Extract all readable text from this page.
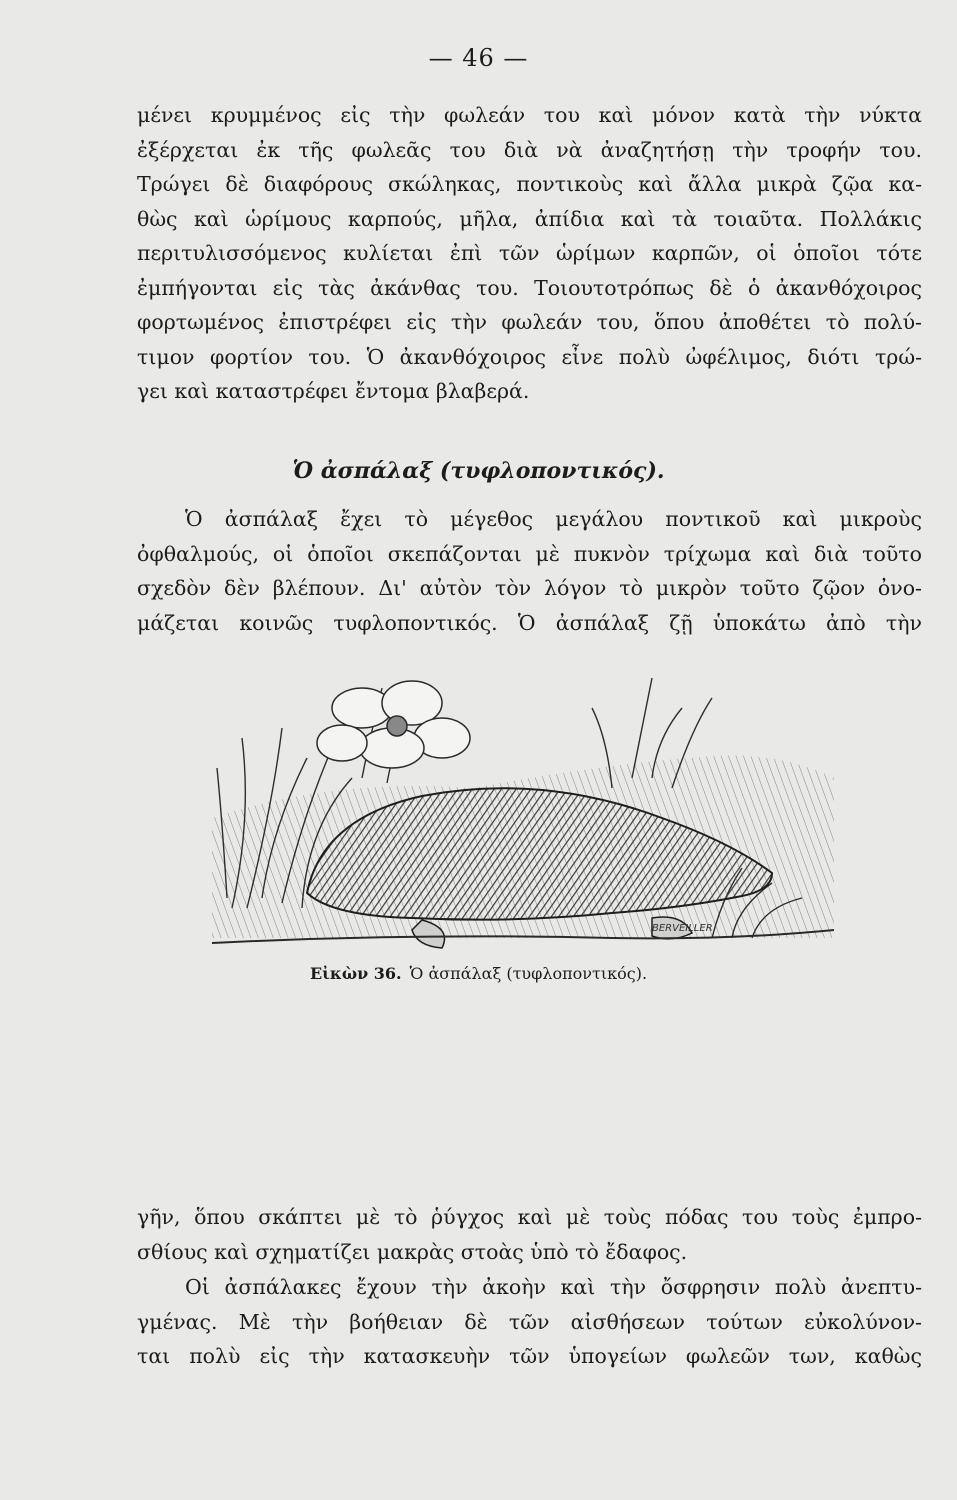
— 46 —
μένει κρυμμένος εἰς τὴν φωλεάν του καὶ μόνον κατὰ τὴν νύκτα
ἐξέρχεται ἐκ τῆς φωλεᾶς του διὰ νὰ ἀναζητήσῃ τὴν τροφήν του.
Τρώγει δὲ διαφόρους σκώληκας, ποντικοὺς καὶ ἄλλα μικρὰ ζῷα κα-
θὼς καὶ ὡρίμους καρπούς, μῆλα, ἀπίδια καὶ τὰ τοιαῦτα. Πολλάκις
περιτυλισσόμενος κυλίεται ἐπὶ τῶν ὡρίμων καρπῶν, οἱ ὁποῖοι τότε
ἐμπήγονται εἰς τὰς ἀκάνθας του. Τοιουτοτρόπως δὲ ὁ ἀκανθόχοιρος
φορτωμένος ἐπιστρέφει εἰς τὴν φωλεάν του, ὅπου ἀποθέτει τὸ πολύ-
τιμον φορτίον του. Ὁ ἀκανθόχοιρος εἶνε πολὺ ὠφέλιμος, διότι τρώ-
γει καὶ καταστρέφει ἔντομα βλαβερά.
Ὁ ἀσπάλαξ (τυφλοποντικός).
Ὁ ἀσπάλαξ ἔχει τὸ μέγεθος μεγάλου ποντικοῦ καὶ μικροὺς
ὀφθαλμούς, οἱ ὁποῖοι σκεπάζονται μὲ πυκνὸν τρίχωμα καὶ διὰ τοῦτο
σχεδὸν δὲν βλέπουν. Δι' αὐτὸν τὸν λόγον τὸ μικρὸν τοῦτο ζῷον ὀνο-
μάζεται κοινῶς τυφλοποντικός. Ὁ ἀσπάλαξ ζῇ ὑποκάτω ἀπὸ τὴν
BERVEILLER
Εἰκὼν 36. Ὁ ἀσπάλαξ (τυφλοποντικός).
γῆν, ὅπου σκάπτει μὲ τὸ ῥύγχος καὶ μὲ τοὺς πόδας του τοὺς ἐμπρο-
σθίους καὶ σχηματίζει μακρὰς στοὰς ὑπὸ τὸ ἔδαφος.
Οἱ ἀσπάλακες ἔχουν τὴν ἀκοὴν καὶ τὴν ὄσφρησιν πολὺ ἀνεπτυ-
γμένας. Μὲ τὴν βοήθειαν δὲ τῶν αἰσθήσεων τούτων εὐκολύνον-
ται πολὺ εἰς τὴν κατασκευὴν τῶν ὑπογείων φωλεῶν των, καθὼς
